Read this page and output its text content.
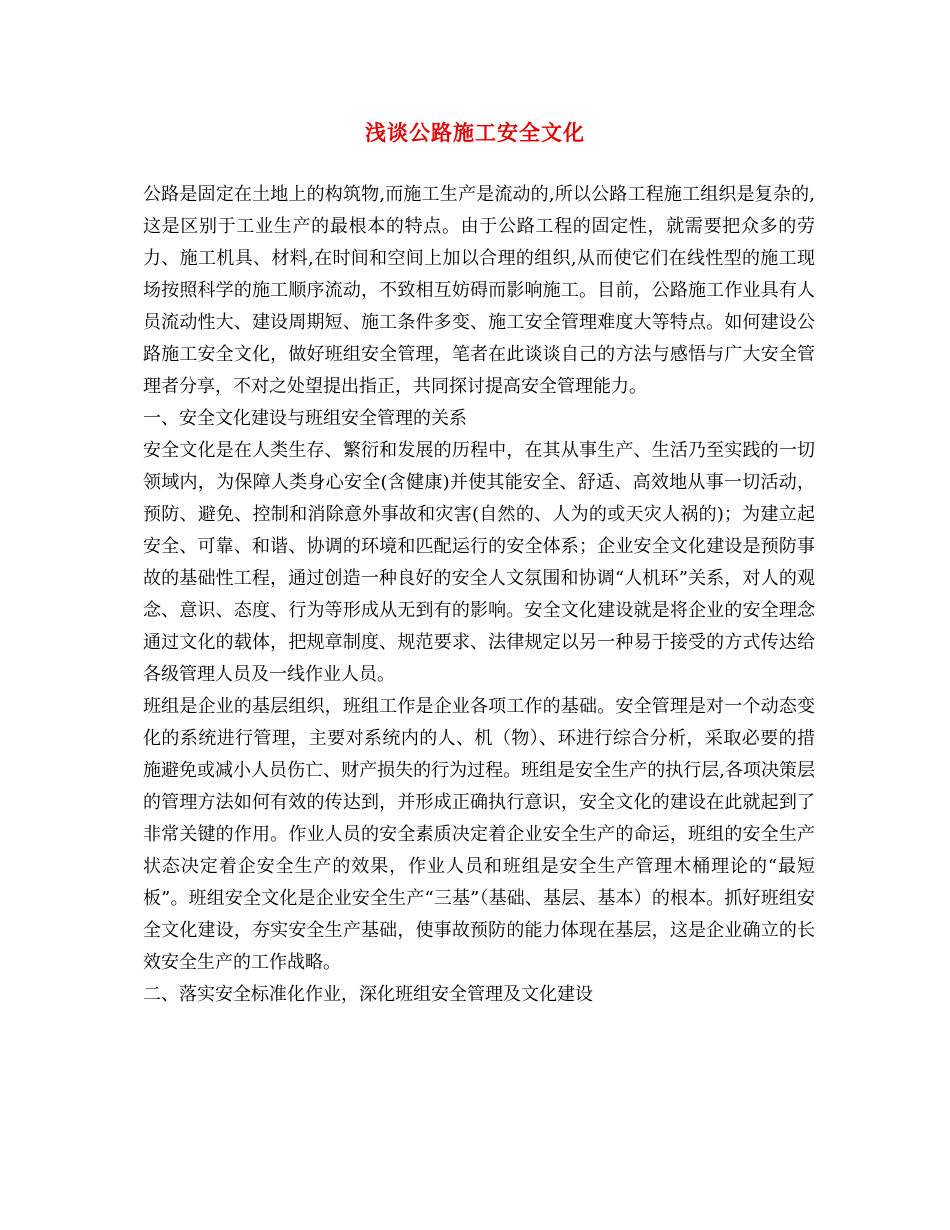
浅谈公路施工安全文化

公路是固定在土地上的构筑物,而施工生产是流动的,所以公路工程施工组织是复杂的,这是区别于工业生产的最根本的特点。由于公路工程的固定性，就需要把众多的劳力、施工机具、材料,在时间和空间上加以合理的组织,从而使它们在线性型的施工现场按照科学的施工顺序流动，不致相互妨碍而影响施工。目前，公路施工作业具有人员流动性大、建设周期短、施工条件多变、施工安全管理难度大等特点。如何建设公路施工安全文化，做好班组安全管理，笔者在此谈谈自己的方法与感悟与广大安全管理者分享，不对之处望提出指正，共同探讨提高安全管理能力。

一、安全文化建设与班组安全管理的关系

安全文化是在人类生存、繁衍和发展的历程中，在其从事生产、生活乃至实践的一切领域内，为保障人类身心安全(含健康)并使其能安全、舒适、高效地从事一切活动，预防、避免、控制和消除意外事故和灾害(自然的、人为的或天灾人祸的)；为建立起安全、可靠、和谐、协调的环境和匹配运行的安全体系；企业安全文化建设是预防事故的基础性工程，通过创造一种良好的安全人文氛围和协调“人机环”关系，对人的观念、意识、态度、行为等形成从无到有的影响。安全文化建设就是将企业的安全理念通过文化的载体，把规章制度、规范要求、法律规定以另一种易于接受的方式传达给各级管理人员及一线作业人员。

班组是企业的基层组织，班组工作是企业各项工作的基础。安全管理是对一个动态变化的系统进行管理，主要对系统内的人、机（物）、环进行综合分析，采取必要的措施避免或减小人员伤亡、财产损失的行为过程。班组是安全生产的执行层,各项决策层的管理方法如何有效的传达到，并形成正确执行意识，安全文化的建设在此就起到了非常关键的作用。作业人员的安全素质决定着企业安全生产的命运，班组的安全生产状态决定着企安全生产的效果，作业人员和班组是安全生产管理木桶理论的“最短板”。班组安全文化是企业安全生产“三基”（基础、基层、基本）的根本。抓好班组安全文化建设，夯实安全生产基础，使事故预防的能力体现在基层，这是企业确立的长效安全生产的工作战略。

二、落实安全标准化作业，深化班组安全管理及文化建设
